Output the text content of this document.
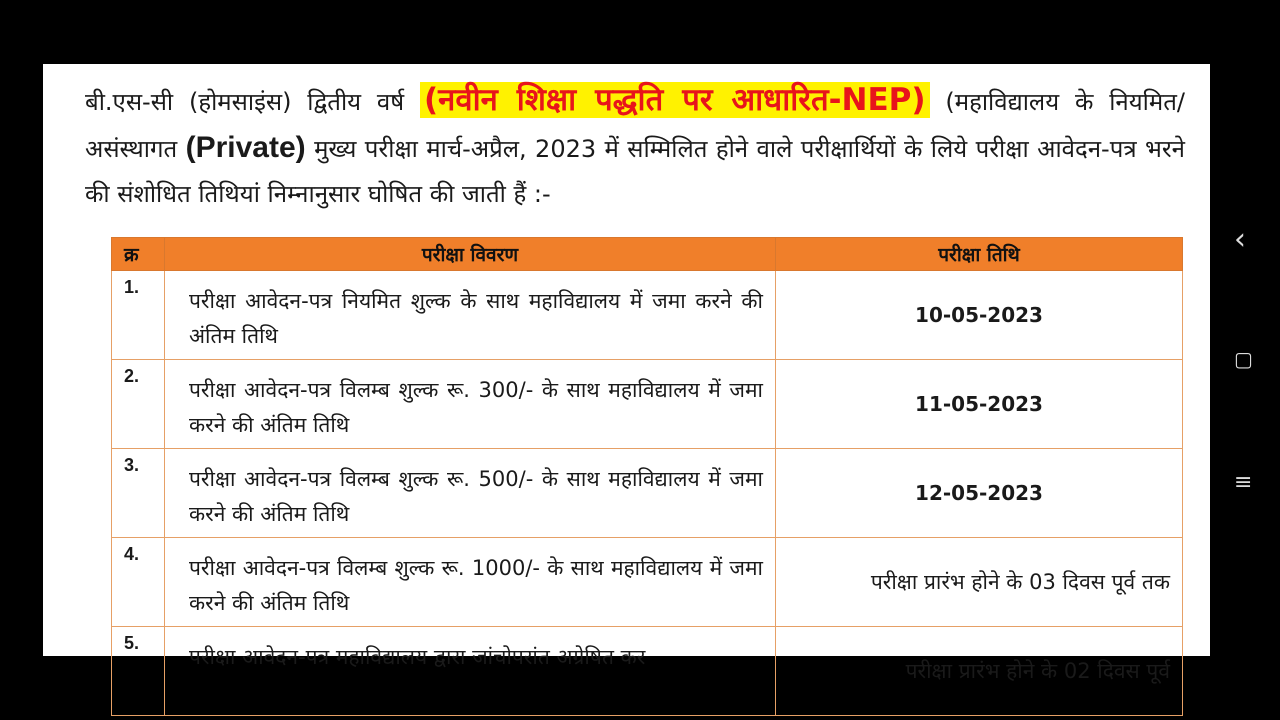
बी.एस-सी (होमसाइंस) द्वितीय वर्ष (नवीन शिक्षा पद्धति पर आधारित-NEP) (महाविद्यालय के नियमित/असंस्थागत (Private) मुख्य परीक्षा मार्च-अप्रैल, 2023 में सम्मिलित होने वाले परीक्षार्थियों के लिये परीक्षा आवेदन-पत्र भरने की संशोधित तिथियां निम्नानुसार घोषित की जाती हैं :-
क्र	परीक्षा विवरण	परीक्षा तिथि

1.	परीक्षा आवेदन-पत्र नियमित शुल्क के साथ महाविद्यालय में जमा करने की अंतिम तिथि	10-05-2023

2.	परीक्षा आवेदन-पत्र विलम्ब शुल्क रू. 300/- के साथ महाविद्यालय में जमा करने की अंतिम तिथि	11-05-2023

3.	परीक्षा आवेदन-पत्र विलम्ब शुल्क रू. 500/- के साथ महाविद्यालय में जमा करने की अंतिम तिथि	12-05-2023

4.	परीक्षा आवेदन-पत्र विलम्ब शुल्क रू. 1000/- के साथ महाविद्यालय में जमा करने की अंतिम तिथि	परीक्षा प्रारंभ होने के 03 दिवस पूर्व तक

5.	परीक्षा आवेदन-पत्र महाविद्यालय द्वारा जांचोपरांत अग्रेषित कर	परीक्षा प्रारंभ होने के 02 दिवस पूर्व
‹
▢
≡
